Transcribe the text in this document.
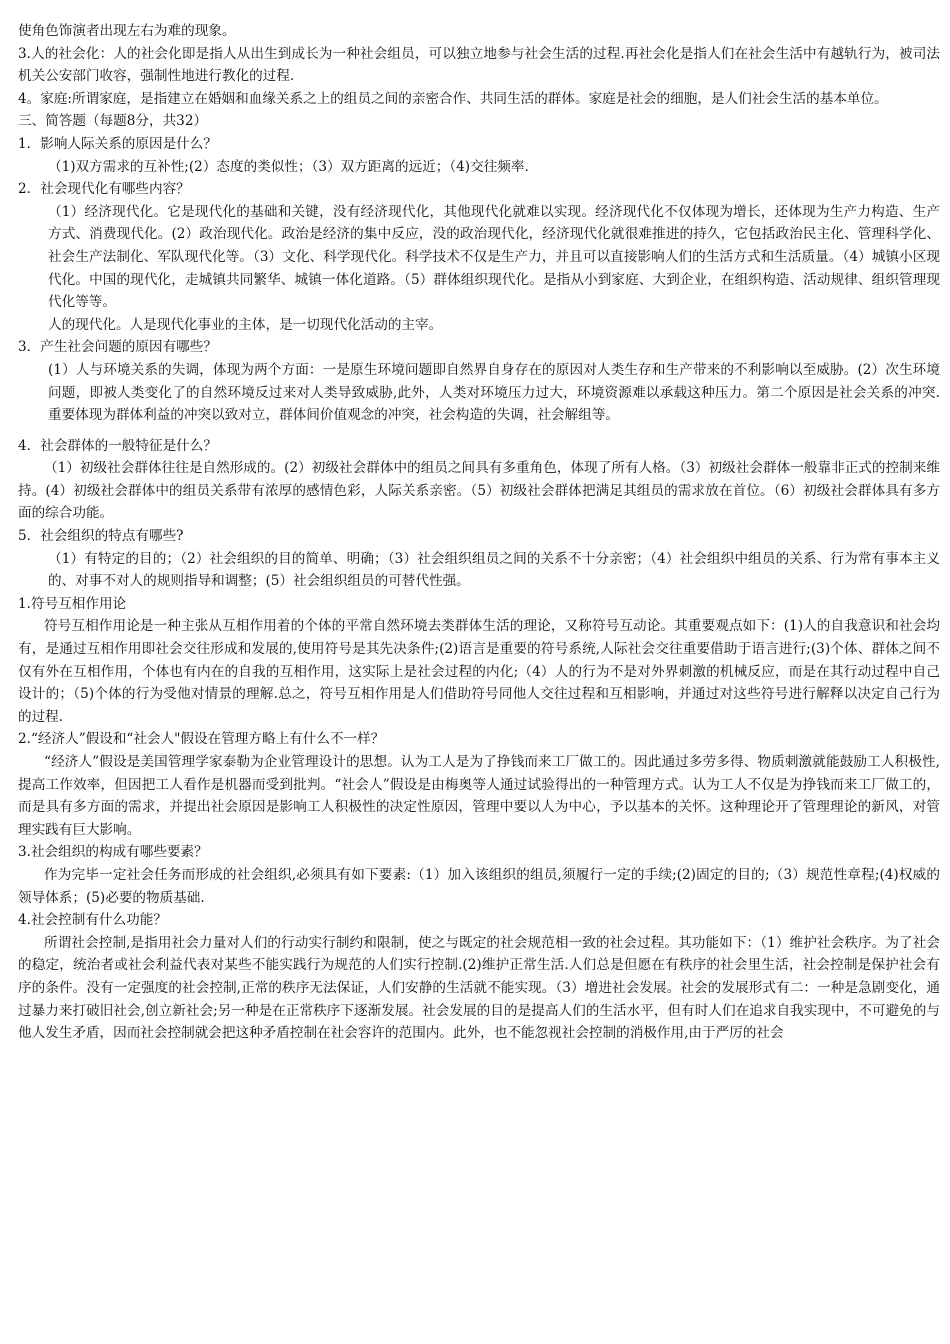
使角色饰演者出现左右为难的现象。

3.人的社会化：人的社会化即是指人从出生到成长为一种社会组员，可以独立地参与社会生活的过程.再社会化是指人们在社会生活中有越轨行为，被司法机关公安部门收容，强制性地进行教化的过程.

4。家庭:所谓家庭，是指建立在婚姻和血缘关系之上的组员之间的亲密合作、共同生活的群体。家庭是社会的细胞，是人们社会生活的基本单位。

三、简答题（每题8分，共32）

1．影响人际关系的原因是什么？

（1)双方需求的互补性;(2）态度的类似性；（3）双方距离的远近；（4)交往频率.

2．社会现代化有哪些内容？

（1）经济现代化。它是现代化的基础和关键，没有经济现代化，其他现代化就难以实现。经济现代化不仅体现为增长，还体现为生产力构造、生产方式、消费现代化。(2）政治现代化。政治是经济的集中反应，没的政治现代化，经济现代化就很难推进的持久，它包括政治民主化、管理科学化、社会生产法制化、军队现代化等。（3）文化、科学现代化。科学技术不仅是生产力，并且可以直接影响人们的生活方式和生活质量。（4）城镇小区现代化。中国的现代化，走城镇共同繁华、城镇一体化道路。（5）群体组织现代化。是指从小到家庭、大到企业，在组织构造、活动规律、组织管理现代化等等。

人的现代化。人是现代化事业的主体，是一切现代化活动的主宰。

3．产生社会问题的原因有哪些？

(1）人与环境关系的失调，体现为两个方面：一是原生环境问题即自然界自身存在的原因对人类生存和生产带来的不利影响以至威胁。(2）次生环境问题，即被人类变化了的自然环境反过来对人类导致威胁,此外，人类对环境压力过大，环境资源难以承载这种压力。第二个原因是社会关系的冲突.重要体现为群体利益的冲突以致对立，群体间价值观念的冲突，社会构造的失调，社会解组等。

4．社会群体的一般特征是什么？

（1）初级社会群体往往是自然形成的。(2）初级社会群体中的组员之间具有多重角色，体现了所有人格。（3）初级社会群体一般靠非正式的控制来维持。(4）初级社会群体中的组员关系带有浓厚的感情色彩，人际关系亲密。（5）初级社会群体把满足其组员的需求放在首位。（6）初级社会群体具有多方面的综合功能。

5．社会组织的特点有哪些?

（1）有特定的目的；（2）社会组织的目的简单、明确；（3）社会组织组员之间的关系不十分亲密；（4）社会组织中组员的关系、行为常有事本主义的、对事不对人的规则指导和调整；(5）社会组织组员的可替代性强。

1.符号互相作用论

符号互相作用论是一种主张从互相作用着的个体的平常自然环境去类群体生活的理论，又称符号互动论。其重要观点如下：(1)人的自我意识和社会均有，是通过互相作用即社会交往形成和发展的,使用符号是其先决条件;(2)语言是重要的符号系统,人际社会交往重要借助于语言进行;(3)个体、群体之间不仅有外在互相作用，个体也有内在的自我的互相作用，这实际上是社会过程的内化;（4）人的行为不是对外界刺激的机械反应，而是在其行动过程中自己设计的；（5)个体的行为受他对情景的理解.总之，符号互相作用是人们借助符号同他人交往过程和互相影响，并通过对这些符号进行解释以决定自己行为的过程.

2.“经济人”假设和“社会人"假设在管理方略上有什么不一样？

“经济人”假设是美国管理学家泰勒为企业管理设计的思想。认为工人是为了挣钱而来工厂做工的。因此通过多劳多得、物质刺激就能鼓励工人积极性,提高工作效率，但因把工人看作是机器而受到批判。“社会人”假设是由梅奥等人通过试验得出的一种管理方式。认为工人不仅是为挣钱而来工厂做工的，而是具有多方面的需求，并提出社会原因是影响工人积极性的决定性原因，管理中要以人为中心，予以基本的关怀。这种理论开了管理理论的新风，对管理实践有巨大影响。

3.社会组织的构成有哪些要素？

作为完毕一定社会任务而形成的社会组织,必须具有如下要素:（1）加入该组织的组员,须履行一定的手续;(2)固定的目的;（3）规范性章程;(4)权威的领导体系；(5)必要的物质基础.

4.社会控制有什么功能？

所谓社会控制,是指用社会力量对人们的行动实行制约和限制，使之与既定的社会规范相一致的社会过程。其功能如下：（1）维护社会秩序。为了社会的稳定，统治者或社会利益代表对某些不能实践行为规范的人们实行控制.(2)维护正常生活.人们总是但愿在有秩序的社会里生活，社会控制是保护社会有序的条件。没有一定强度的社会控制,正常的秩序无法保证，人们安静的生活就不能实现。（3）增进社会发展。社会的发展形式有二：一种是急剧变化，通过暴力来打破旧社会,创立新社会;另一种是在正常秩序下逐渐发展。社会发展的目的是提高人们的生活水平，但有时人们在追求自我实现中，不可避免的与他人发生矛盾，因而社会控制就会把这种矛盾控制在社会容许的范围内。此外，也不能忽视社会控制的消极作用,由于严厉的社会
